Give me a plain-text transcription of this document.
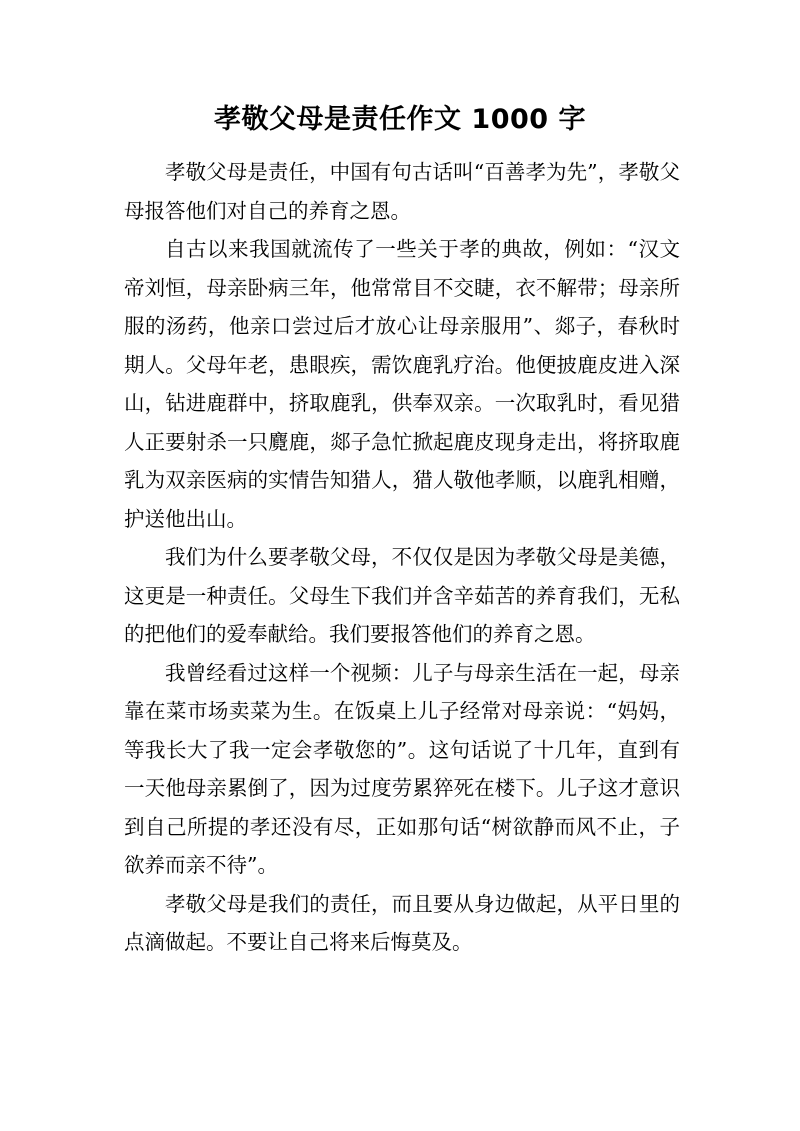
孝敬父母是责任作文 1000 字

孝敬父母是责任，中国有句古话叫“百善孝为先”，孝敬父母报答他们对自己的养育之恩。

自古以来我国就流传了一些关于孝的典故，例如：“汉文帝刘恒，母亲卧病三年，他常常目不交睫，衣不解带；母亲所服的汤药，他亲口尝过后才放心让母亲服用”、郯子，春秋时期人。父母年老，患眼疾，需饮鹿乳疗治。他便披鹿皮进入深山，钻进鹿群中，挤取鹿乳，供奉双亲。一次取乳时，看见猎人正要射杀一只麑鹿，郯子急忙掀起鹿皮现身走出，将挤取鹿乳为双亲医病的实情告知猎人，猎人敬他孝顺，以鹿乳相赠，护送他出山。

我们为什么要孝敬父母，不仅仅是因为孝敬父母是美德，这更是一种责任。父母生下我们并含辛茹苦的养育我们，无私的把他们的爱奉献给。我们要报答他们的养育之恩。

我曾经看过这样一个视频：儿子与母亲生活在一起，母亲靠在菜市场卖菜为生。在饭桌上儿子经常对母亲说：“妈妈，等我长大了我一定会孝敬您的”。这句话说了十几年，直到有一天他母亲累倒了，因为过度劳累猝死在楼下。儿子这才意识到自己所提的孝还没有尽，正如那句话“树欲静而风不止，子欲养而亲不待”。

孝敬父母是我们的责任，而且要从身边做起，从平日里的点滴做起。不要让自己将来后悔莫及。
